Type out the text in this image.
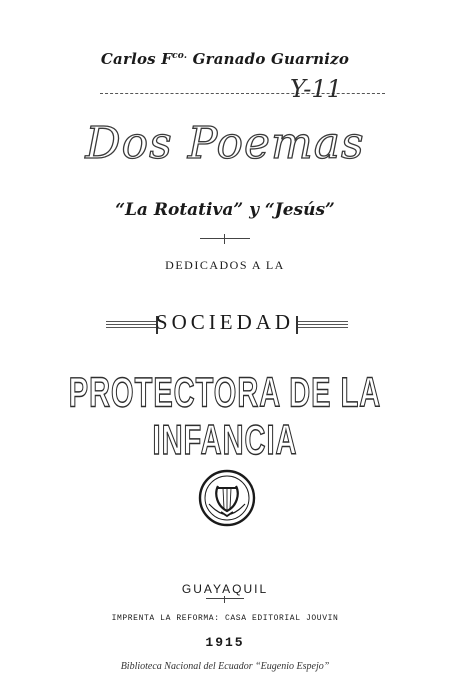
Carlos $F^{co.}$ Granado Guarnizo
Y-11
Dos Poemas
“La Rotativa” y “Jesús”
DEDICADOS A LA
SOCIEDAD
PROTECTORA DE LA INFANCIA
GUAYAQUIL
IMPRENTA LA REFORMA: CASA EDITORIAL JOUVIN
1915
Biblioteca Nacional del Ecuador “Eugenio Espejo”
